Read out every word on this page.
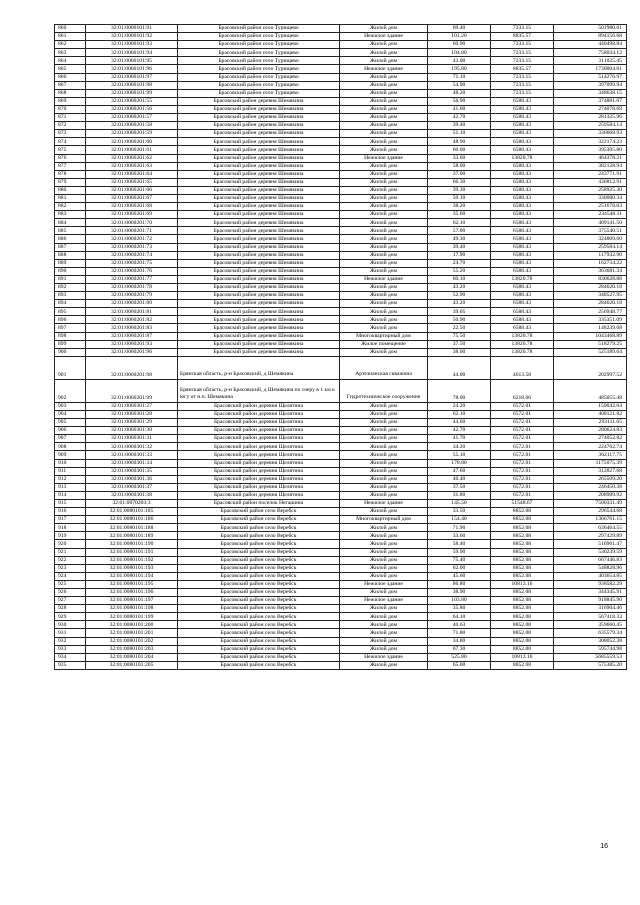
860	32:01:0060101:91	Брасовский район село Турищево	Жилой дом	69.40	7233.15	501980.61
861	32:01:0060101:92	Брасовский район село Турищево	Нежилое здание	101.20	8835.57	894156.68
862	32:01:0060101:93	Брасовский район село Турищево	Жилой дом	60.90	7233.15	440498.84
863	32:01:0060101:94	Брасовский район село Турищево	Жилой дом	104.80	7233.15	758034.12
864	32:01:0060101:95	Брасовский район село Турищево	Жилой дом	43.00	7233.15	311025.45
865	32:01:0060101:96	Брасовский район село Турищево	Нежилое здание	195.80	8835.57	1730004.61
866	32:01:0060101:97	Брасовский район село Турищево	Жилой дом	71.10	7233.15	514276.97
867	32:01:0060101:98	Брасовский район село Турищево	Жилой дом	54.90	7233.15	397099.94
868	32:01:0060101:99	Брасовский район село Турищево	Жилой дом	48.20	7233.15	348638.15
869	32:01:0060201:55	Брасовский район деревня Шемякина	Жилой дом	56.90	6588.43	374881.67
870	32:01:0060201:56	Брасовский район деревня Шемякина	Жилой дом	41.60	6588.43	274078.69
871	32:01:0060201:57	Брасовский район деревня Шемякина	Жилой дом	42.70	6588.43	281325.96
872	32:01:0060201:58	Брасовский район деревня Шемякина	Жилой дом	39.40	6588.43	259584.14
873	32:01:0060201:59	Брасовский район деревня Шемякина	Жилой дом	51.10	6588.43	336668.93
874	32:01:0060201:60	Брасовский район деревня Шемякина	Жилой дом	48.90	6588.43	322174.23
875	32:01:0060201:61	Брасовский район деревня Шемякина	Жилой дом	60.00	6588.43	395305.80
876	32:01:0060201:62	Брасовский район деревня Шемякина	Нежилое здание	33.60	13820.78	464378.21
877	32:01:0060201:63	Брасовский район деревня Шемякина	Жилой дом	58.00	6588.43	382128.94
878	32:01:0060201:64	Брасовский район деревня Шемякина	Жилой дом	37.00	6588.43	243771.91
879	32:01:0060201:65	Брасовский район деревня Шемякина	Жилой дом	66.30	6588.43	436812.91
880	32:01:0060201:66	Брасовский район деревня Шемякина	Жилой дом	39.30	6588.43	258925.30
881	32:01:0060201:67	Брасовский район деревня Шемякина	Жилой дом	50.10	6588.43	330080.34
882	32:01:0060201:68	Брасовский район деревня Шемякина	Жилой дом	38.20	6588.43	251678.03
883	32:01:0060201:69	Брасовский район деревня Шемякина	Жилой дом	35.60	6588.43	234548.11
884	32:01:0060201:70	Брасовский район деревня Шемякина	Жилой дом	62.10	6588.43	409141.50
885	32:01:0060201:71	Брасовский район деревня Шемякина	Жилой дом	57.00	6588.43	375540.51
886	32:01:0060201:72	Брасовский район деревня Шемякина	Жилой дом	49.30	6588.43	324809.60
887	32:01:0060201:73	Брасовский район деревня Шемякина	Жилой дом	39.40	6588.43	259584.14
888	32:01:0060201:74	Брасовский район деревня Шемякина	Жилой дом	17.90	6588.43	117932.90
889	32:01:0060201:75	Брасовский район деревня Шемякина	Жилой дом	24.70	6588.43	162734.22
890	32:01:0060201:76	Брасовский район деревня Шемякина	Жилой дом	55.20	6588.43	363681.34
891	32:01:0060201:77	Брасовский район деревня Шемякина	Нежилое здание	60.10	13820.78	830628.88
892	32:01:0060201:78	Брасовский район деревня Шемякина	Жилой дом	43.20	6588.43	284620.18
893	32:01:0060201:79	Брасовский район деревня Шемякина	Жилой дом	52.90	6588.43	348527.95
894	32:01:0060201:80	Брасовский район деревня Шемякина	Жилой дом	43.20	6588.43	284620.18
895	32:01:0060201:81	Брасовский район деревня Шемякина	Жилой дом	39.05	6588.43	256948.77
896	32:01:0060201:82	Брасовский район деревня Шемякина	Жилой дом	50.90	6588.43	335351.09
897	32:01:0060201:83	Брасовский район деревня Шемякина	Жилой дом	22.50	6588.43	148239.68
898	32:01:0060201:87	Брасовский район деревня Шемякина	Многоквартирный дом	75.50	13820.78	1043468.89
899	32:01:0060201:93	Брасовский район деревня Шемякина	Жилое помещение	37.50	13820.78	518279.25
900	32:01:0060201:96	Брасовский район деревня Шемякина	Жилой дом	38.00	13820.78	525189.64
901	32:01:0060201:98	Брянская область, р-н Брасовский, д Шемякина	Артезианская скважина	44.00	4613.58	202997.52
902	32:01:0060201:99	Брянская область, р-н Брасовский, д Шемякина по озеру в 1 км к югу от н.п. Шемякина	Гидротехническое сооружение	78.00	6218.66	485055.48
903	32:01:0060301:27	Брасовский район деревня Щелятина	Жилой дом	24.20	6572.01	159042.64
904	32:01:0060301:28	Брасовский район деревня Щелятина	Жилой дом	62.10	6572.01	408121.82
905	32:01:0060301:29	Брасовский район деревня Щелятина	Жилой дом	44.60	6572.01	293111.65
906	32:01:0060301:30	Брасовский район деревня Щелятина	Жилой дом	42.70	6572.01	280624.83
907	32:01:0060301:31	Брасовский район деревня Щелятина	Жилой дом	41.70	6572.01	274052.82
908	32:01:0060301:32	Брасовский район деревня Щелятина	Жилой дом	34.20	6572.01	224762.74
909	32:01:0060301:33	Брасовский район деревня Щелятина	Жилой дом	55.10	6572.01	362117.75
910	32:01:0060301:34	Брасовский район деревня Щелятина	Жилой дом	178.80	6572.01	1175075.39
911	32:01:0060301:35	Брасовский район деревня Щелятина	Жилой дом	47.60	6572.01	312827.68
912	32:01:0060301:36	Брасовский район деревня Щелятина	Жилой дом	40.40	6572.01	265509.20
913	32:01:0060301:37	Брасовский район деревня Щелятина	Жилой дом	37.50	6572.01	246450.38
914	32:01:0060301:38	Брасовский район деревня Щелятина	Жилой дом	31.80	6572.01	208989.92
915	32:01:0070203:3	Брасовский район поселок Негашина	Нежилое здание	145.50	51548.67	7500331.49
916	32:01:0080101:185	Брасовский район село Веребск	Жилой дом	33.50	8852.08	296544.68
917	32:01:0080101:186	Брасовский район село Веребск	Многоквартирный дом	154.40	8852.08	1366761.15
918	32:01:0080101:188	Брасовский район село Веребск	Жилой дом	71.90	8852.08	636464.55
919	32:01:0080101:189	Брасовский район село Веребск	Жилой дом	33.60	8852.08	297429.89
920	32:01:0080101:190	Брасовский район село Веребск	Жилой дом	58.40	8852.08	516961.47
921	32:01:0080101:191	Брасовский район село Веребск	Жилой дом	59.90	8852.08	530239.59
922	32:01:0080101:192	Брасовский район село Веребск	Жилой дом	75.40	8852.08	667446.83
923	32:01:0080101:193	Брасовский район село Веребск	Жилой дом	62.00	8852.08	548828.96
924	32:01:0080101:194	Брасовский район село Веребск	Жилой дом	45.60	8852.08	403654.85
925	32:01:0080101:195	Брасовский район село Веребск	Нежилое здание	86.80	10813.16	938582.29
926	32:01:0080101:196	Брасовский район село Веребск	Жилой дом	38.90	8852.08	344345.91
927	32:01:0080101:197	Брасовский район село Веребск	Нежилое здание	103.80	8852.08	918845.90
928	32:01:0080101:198	Брасовский район село Веребск	Жилой дом	35.80	8852.08	316904.46
929	32:01:0080101:199	Брасовский район село Веребск	Жилой дом	64.10	8852.08	567418.33
930	32:01:0080101:200	Брасовский район село Веребск	Жилой дом	40.63	8852.08	359660.45
931	32:01:0080101:201	Брасовский район село Веребск	Жилой дом	71.80	8852.08	635579.34
932	32:01:0080101:202	Брасовский район село Веребск	Жилой дом	34.80	8852.08	308052.38
933	32:01:0080101:203	Брасовский район село Веребск	Жилой дом	67.30	8852.08	595744.98
934	32:01:0080101:204	Брасовский район село Веребск	Нежилое здание	525.80	10813.16	5685559.53
935	32:01:0080101:205	Брасовский район село Веребск	Жилой дом	65.00	8852.08	575385.20
16
